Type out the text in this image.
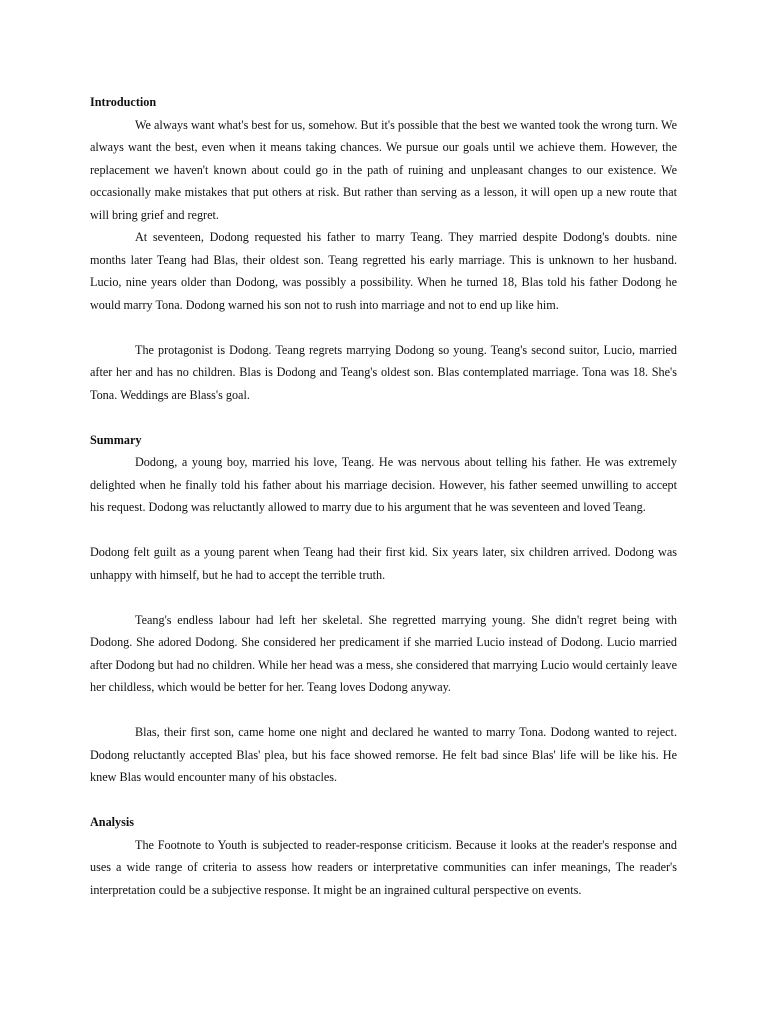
Introduction

We always want what's best for us, somehow. But it's possible that the best we wanted took the wrong turn. We always want the best, even when it means taking chances. We pursue our goals until we achieve them. However, the replacement we haven't known about could go in the path of ruining and unpleasant changes to our existence. We occasionally make mistakes that put others at risk. But rather than serving as a lesson, it will open up a new route that will bring grief and regret.

At seventeen, Dodong requested his father to marry Teang. They married despite Dodong's doubts. nine months later Teang had Blas, their oldest son. Teang regretted his early marriage. This is unknown to her husband. Lucio, nine years older than Dodong, was possibly a possibility. When he turned 18, Blas told his father Dodong he would marry Tona. Dodong warned his son not to rush into marriage and not to end up like him.

The protagonist is Dodong. Teang regrets marrying Dodong so young. Teang's second suitor, Lucio, married after her and has no children. Blas is Dodong and Teang's oldest son. Blas contemplated marriage. Tona was 18. She's Tona. Weddings are Blass's goal.

Summary

Dodong, a young boy, married his love, Teang. He was nervous about telling his father. He was extremely delighted when he finally told his father about his marriage decision. However, his father seemed unwilling to accept his request. Dodong was reluctantly allowed to marry due to his argument that he was seventeen and loved Teang.

Dodong felt guilt as a young parent when Teang had their first kid. Six years later, six children arrived. Dodong was unhappy with himself, but he had to accept the terrible truth.

Teang's endless labour had left her skeletal. She regretted marrying young. She didn't regret being with Dodong. She adored Dodong. She considered her predicament if she married Lucio instead of Dodong. Lucio married after Dodong but had no children. While her head was a mess, she considered that marrying Lucio would certainly leave her childless, which would be better for her. Teang loves Dodong anyway.

Blas, their first son, came home one night and declared he wanted to marry Tona. Dodong wanted to reject. Dodong reluctantly accepted Blas' plea, but his face showed remorse. He felt bad since Blas' life will be like his. He knew Blas would encounter many of his obstacles.

Analysis

The Footnote to Youth is subjected to reader-response criticism. Because it looks at the reader's response and uses a wide range of criteria to assess how readers or interpretative communities can infer meanings, The reader's interpretation could be a subjective response. It might be an ingrained cultural perspective on events.
